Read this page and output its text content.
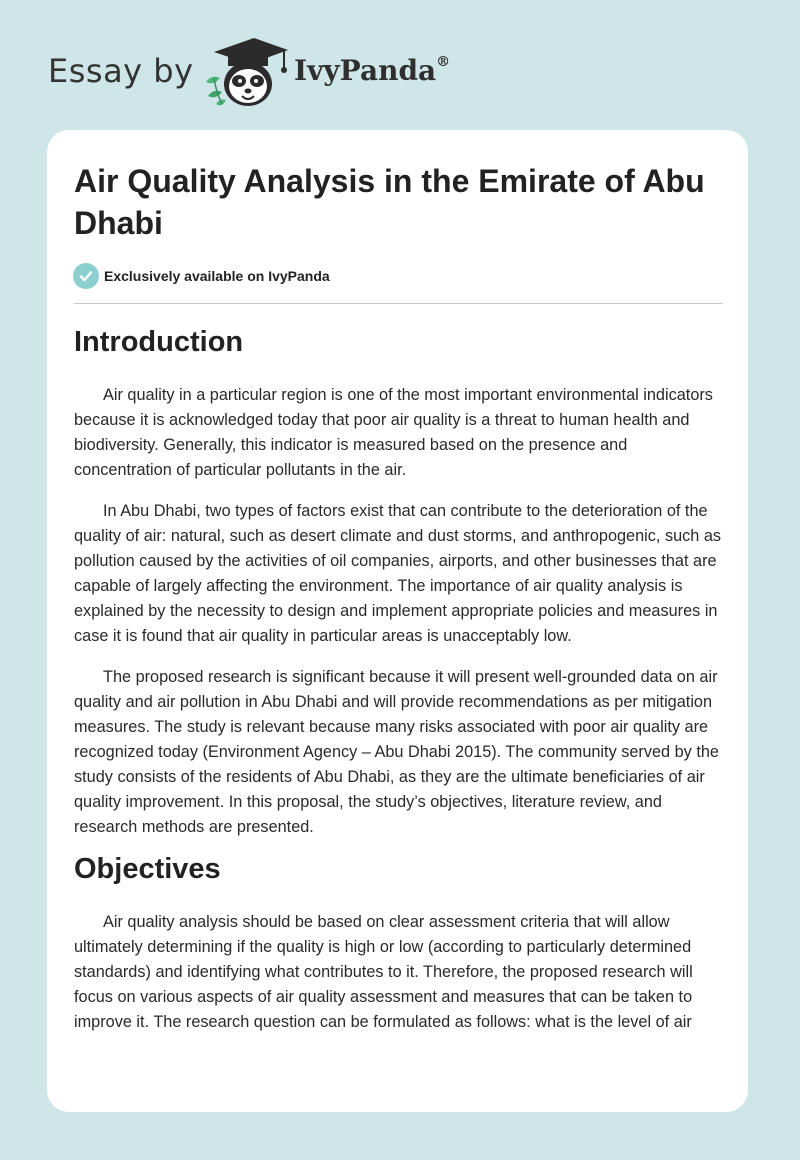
Essay by	IvyPanda®
Air Quality Analysis in the Emirate of Abu Dhabi
Exclusively available on IvyPanda
Introduction

Air quality in a particular region is one of the most important environmental indicators because it is acknowledged today that poor air quality is a threat to human health and biodiversity. Generally, this indicator is measured based on the presence and concentration of particular pollutants in the air.

In Abu Dhabi, two types of factors exist that can contribute to the deterioration of the quality of air: natural, such as desert climate and dust storms, and anthropogenic, such as pollution caused by the activities of oil companies, airports, and other businesses that are capable of largely affecting the environment. The importance of air quality analysis is explained by the necessity to design and implement appropriate policies and measures in case it is found that air quality in particular areas is unacceptably low.

The proposed research is significant because it will present well-grounded data on air quality and air pollution in Abu Dhabi and will provide recommendations as per mitigation measures. The study is relevant because many risks associated with poor air quality are recognized today (Environment Agency – Abu Dhabi 2015). The community served by the study consists of the residents of Abu Dhabi, as they are the ultimate beneficiaries of air quality improvement. In this proposal, the study’s objectives, literature review, and research methods are presented.

Objectives

Air quality analysis should be based on clear assessment criteria that will allow ultimately determining if the quality is high or low (according to particularly determined standards) and identifying what contributes to it. Therefore, the proposed research will focus on various aspects of air quality assessment and measures that can be taken to improve it. The research question can be formulated as follows: what is the level of air
